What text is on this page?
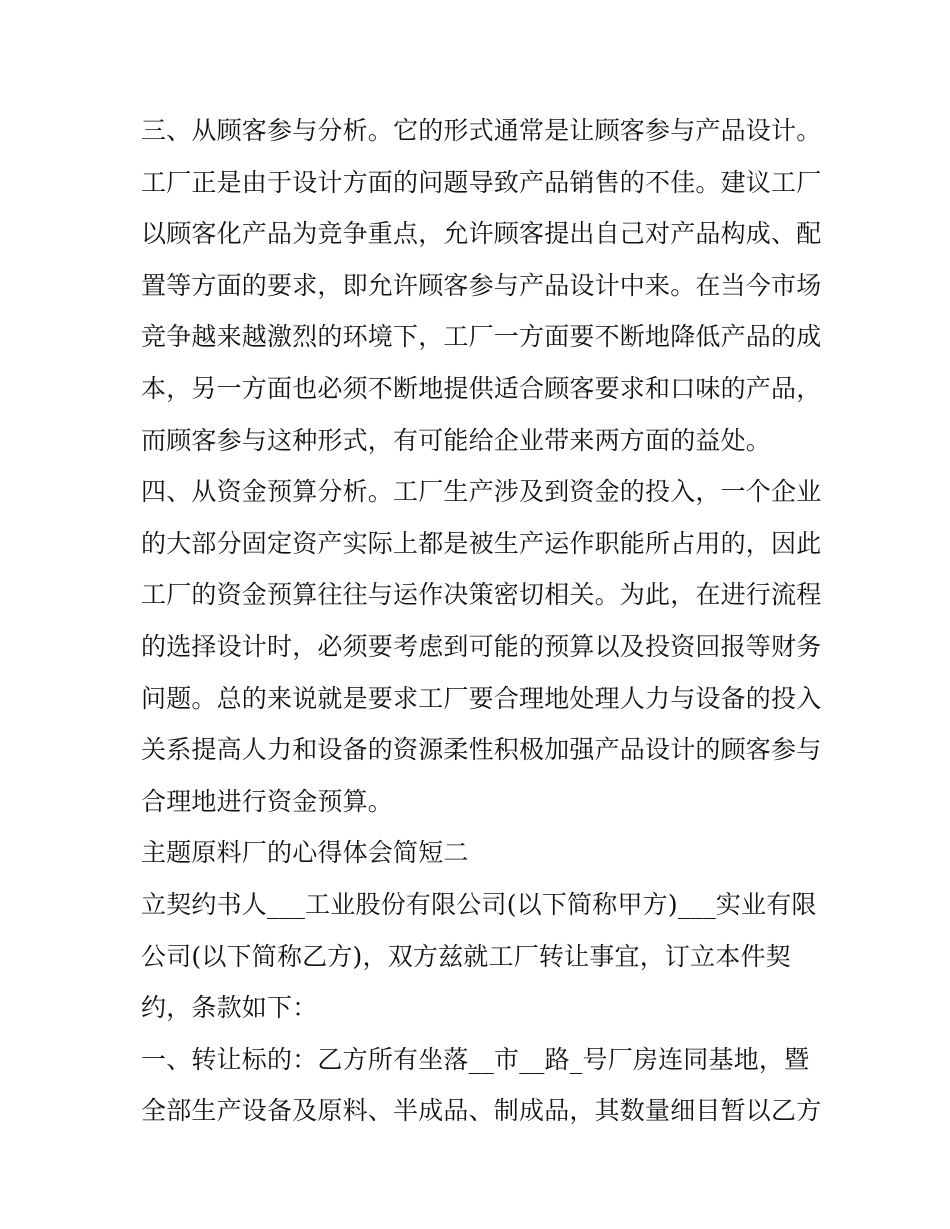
三、从顾客参与分析。它的形式通常是让顾客参与产品设计。
工厂正是由于设计方面的问题导致产品销售的不佳。建议工厂
以顾客化产品为竞争重点，允许顾客提出自己对产品构成、配
置等方面的要求，即允许顾客参与产品设计中来。在当今市场
竞争越来越激烈的环境下，工厂一方面要不断地降低产品的成
本，另一方面也必须不断地提供适合顾客要求和口味的产品，
而顾客参与这种形式，有可能给企业带来两方面的益处。
四、从资金预算分析。工厂生产涉及到资金的投入，一个企业
的大部分固定资产实际上都是被生产运作职能所占用的，因此
工厂的资金预算往往与运作决策密切相关。为此，在进行流程
的选择设计时，必须要考虑到可能的预算以及投资回报等财务
问题。总的来说就是要求工厂要合理地处理人力与设备的投入
关系提高人力和设备的资源柔性积极加强产品设计的顾客参与
合理地进行资金预算。
主题原料厂的心得体会简短二
立契约书人___工业股份有限公司(以下简称甲方)___实业有限
公司(以下简称乙方)，双方兹就工厂转让事宜，订立本件契
约，条款如下：
一、转让标的：乙方所有坐落__市__路_号厂房连同基地，暨
全部生产设备及原料、半成品、制成品，其数量细目暂以乙方
